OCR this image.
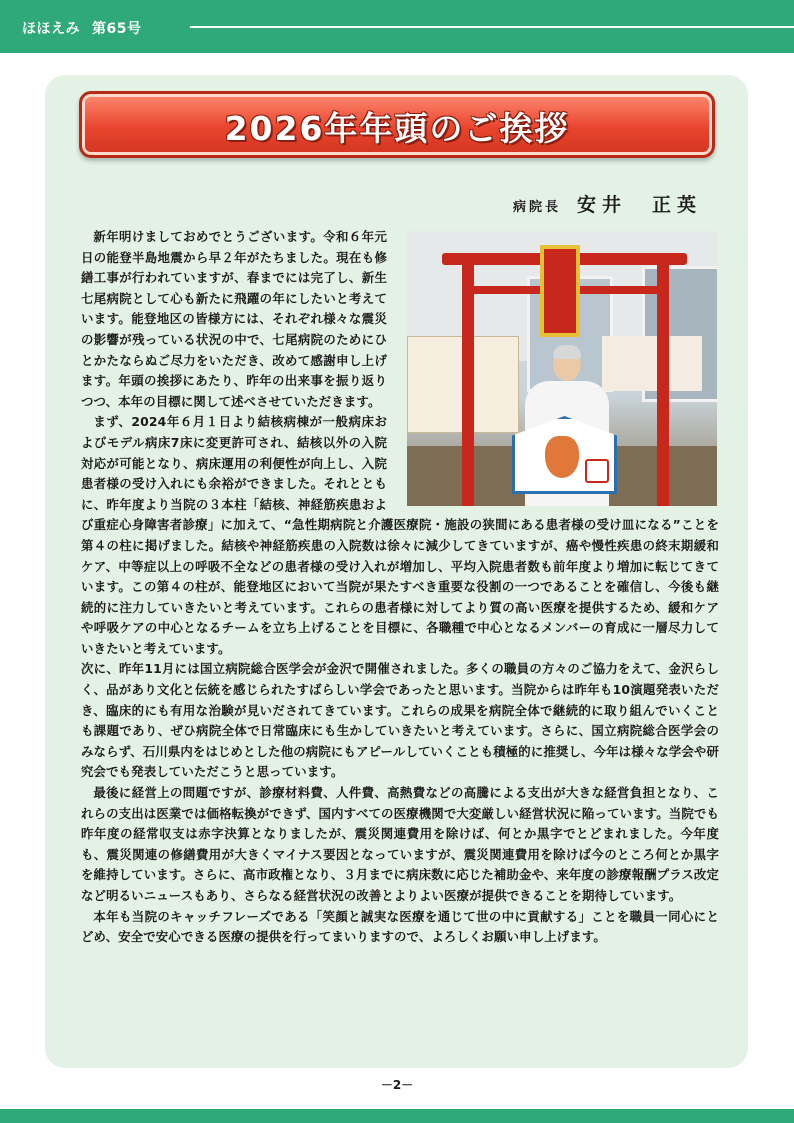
ほほえみ 第65号
2026年年頭のご挨拶
病院長 安井　正英

新年明けましておめでとうございます。令和６年元日の能登半島地震から早２年がたちました。現在も修繕工事が行われていますが、春までには完了し、新生七尾病院として心も新たに飛躍の年にしたいと考えています。能登地区の皆様方には、それぞれ様々な震災の影響が残っている状況の中で、七尾病院のためにひとかたならぬご尽力をいただき、改めて感謝申し上げます。年頭の挨拶にあたり、昨年の出来事を振り返りつつ、本年の目標に関して述べさせていただきます。

まず、2024年６月１日より結核病棟が一般病床およびモデル病床7床に変更許可され、結核以外の入院対応が可能となり、病床運用の利便性が向上し、入院患者様の受け入れにも余裕ができました。それとともに、昨年度より当院の３本柱「結核、神経筋疾患および重症心身障害者診療」に加えて、“急性期病院と介護医療院・施設の狭間にある患者様の受け皿になる”ことを第４の柱に掲げました。結核や神経筋疾患の入院数は徐々に減少してきていますが、癌や慢性疾患の終末期緩和ケア、中等症以上の呼吸不全などの患者様の受け入れが増加し、平均入院患者数も前年度より増加に転じてきています。この第４の柱が、能登地区において当院が果たすべき重要な役割の一つであることを確信し、今後も継続的に注力していきたいと考えています。これらの患者様に対してより質の高い医療を提供するため、緩和ケアや呼吸ケアの中心となるチームを立ち上げることを目標に、各職種で中心となるメンバーの育成に一層尽力していきたいと考えています。

次に、昨年11月には国立病院総合医学会が金沢で開催されました。多くの職員の方々のご協力をえて、金沢らしく、品があり文化と伝統を感じられたすばらしい学会であったと思います。当院からは昨年も10演題発表いただき、臨床的にも有用な治験が見いだされてきています。これらの成果を病院全体で継続的に取り組んでいくことも課題であり、ぜひ病院全体で日常臨床にも生かしていきたいと考えています。さらに、国立病院総合医学会のみならず、石川県内をはじめとした他の病院にもアピールしていくことも積極的に推奨し、今年は様々な学会や研究会でも発表していただこうと思っています。

最後に経営上の問題ですが、診療材料費、人件費、高熱費などの高騰による支出が大きな経営負担となり、これらの支出は医業では価格転換ができず、国内すべての医療機関で大変厳しい経営状況に陥っています。当院でも昨年度の経常収支は赤字決算となりましたが、震災関連費用を除けば、何とか黒字でとどまれました。今年度も、震災関連の修繕費用が大きくマイナス要因となっていますが、震災関連費用を除けば今のところ何とか黒字を維持しています。さらに、高市政権となり、３月までに病床数に応じた補助金や、来年度の診療報酬プラス改定など明るいニュースもあり、さらなる経営状況の改善とよりよい医療が提供できることを期待しています。

本年も当院のキャッチフレーズである「笑顔と誠実な医療を通じて世の中に貢献する」ことを職員一同心にとどめ、安全で安心できる医療の提供を行ってまいりますので、よろしくお願い申し上げます。

－2－
